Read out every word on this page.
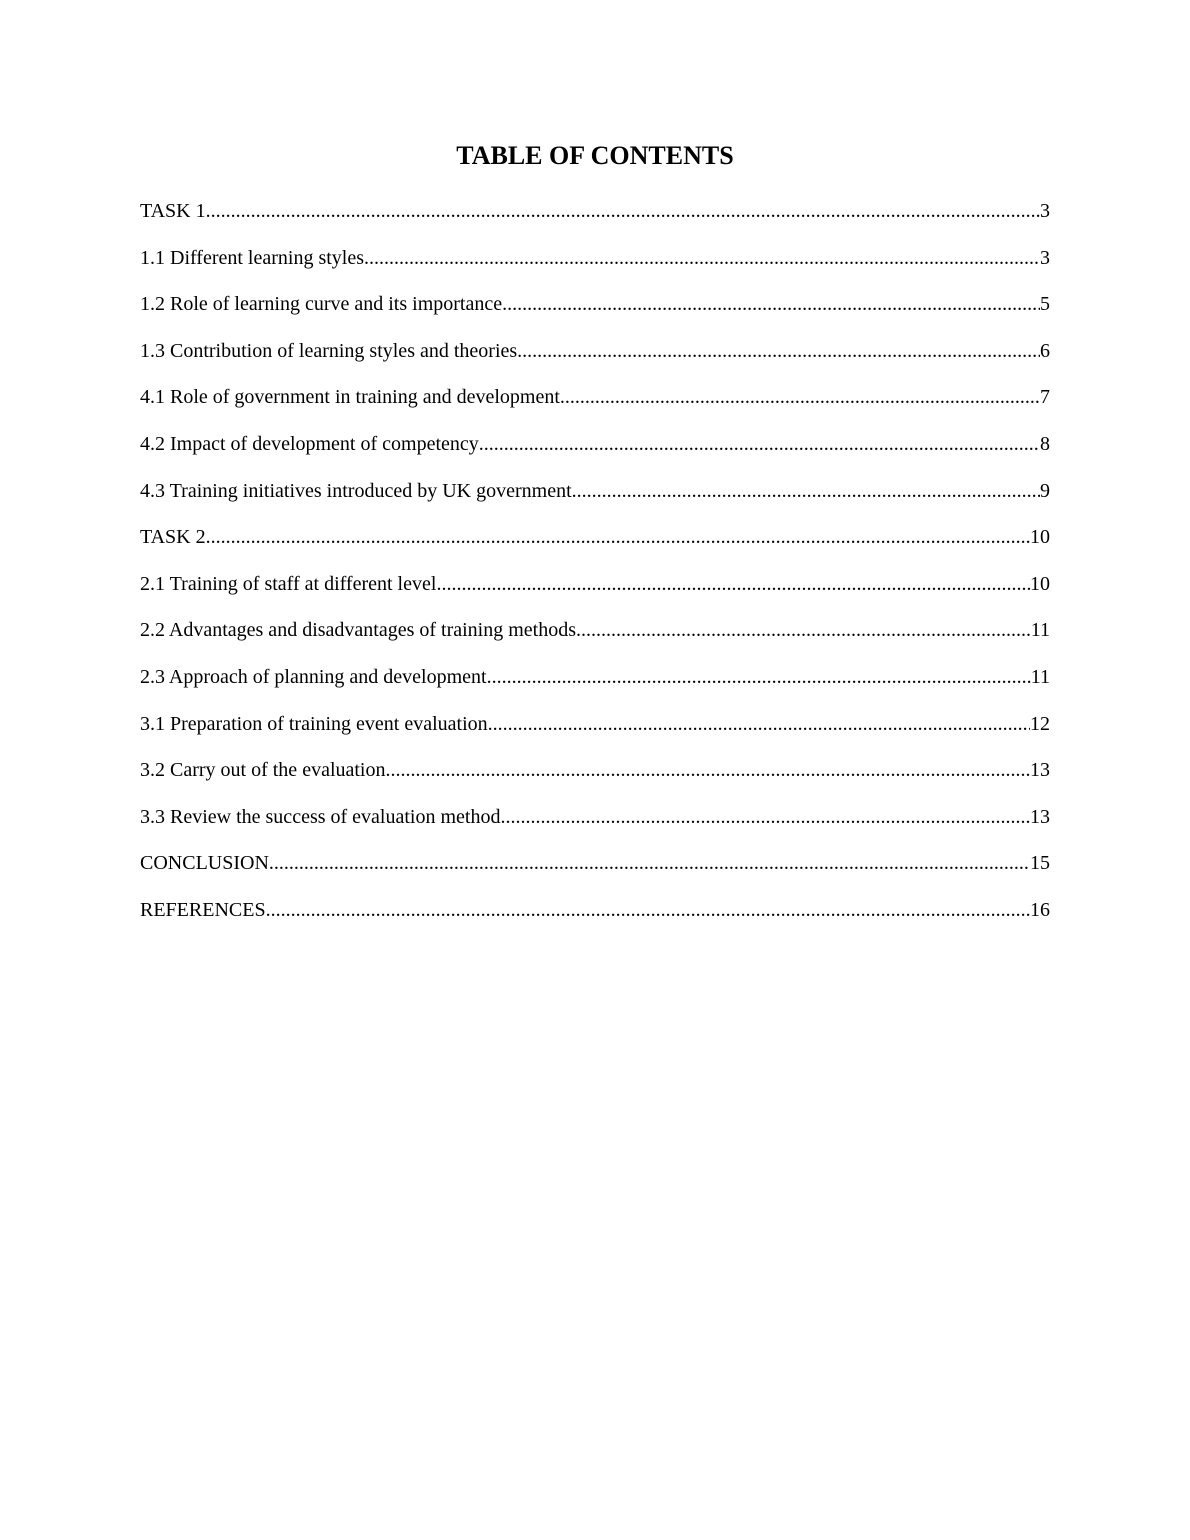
TABLE OF CONTENTS
TASK 1 .....	3
1.1 Different learning styles .....	3
1.2 Role of learning curve and its importance .....	5
1.3 Contribution of learning styles and theories .....	6
4.1 Role of government in training and development .....	7
4.2 Impact of development of competency .....	8
4.3 Training initiatives introduced by UK government .....	9
TASK 2 .....	10
2.1 Training of staff at different level .....	10
2.2 Advantages and disadvantages of training methods .....	11
2.3 Approach of planning and development .....	11
3.1 Preparation of training event evaluation .....	12
3.2 Carry out of the evaluation .....	13
3.3 Review the success of evaluation method .....	13
CONCLUSION .....	15
REFERENCES .....	16
